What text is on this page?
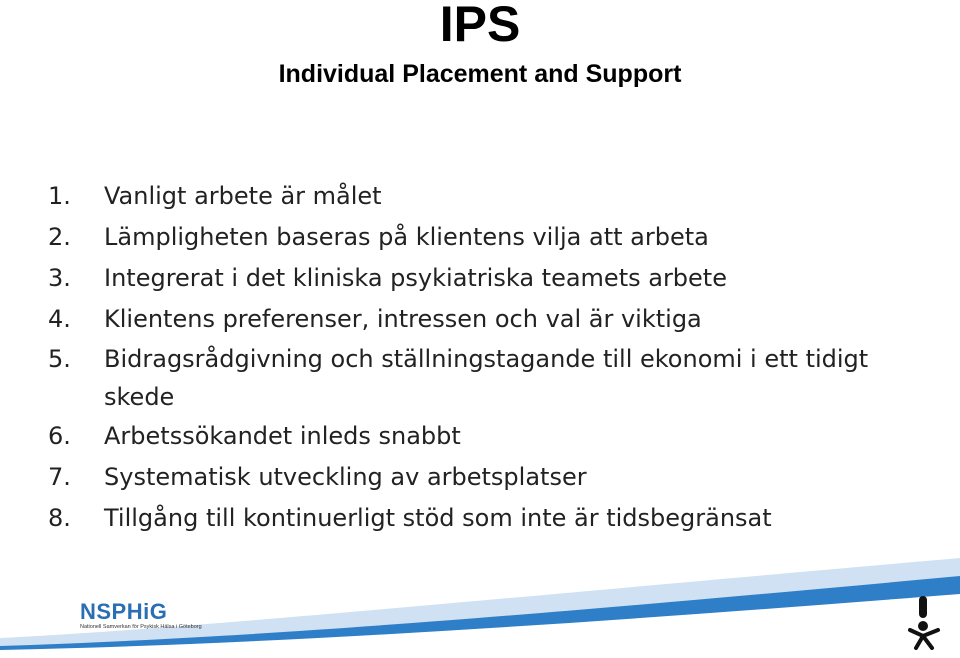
IPS
Individual Placement and Support
1. Vanligt arbete är målet
2. Lämpligheten baseras på klientens vilja att arbeta
3. Integrerat i det kliniska psykiatriska teamets arbete
4. Klientens preferenser, intressen och val är viktiga
5. Bidragsrådgivning och ställningstagande till ekonomi i ett tidigt skede
6. Arbetssökandet inleds snabbt
7. Systematisk utveckling av arbetsplatser
8. Tillgång till kontinuerligt stöd som inte är tidsbegränsat
NSPHiG
Nationell Samverkan för Psykisk Hälsa i Göteborg
